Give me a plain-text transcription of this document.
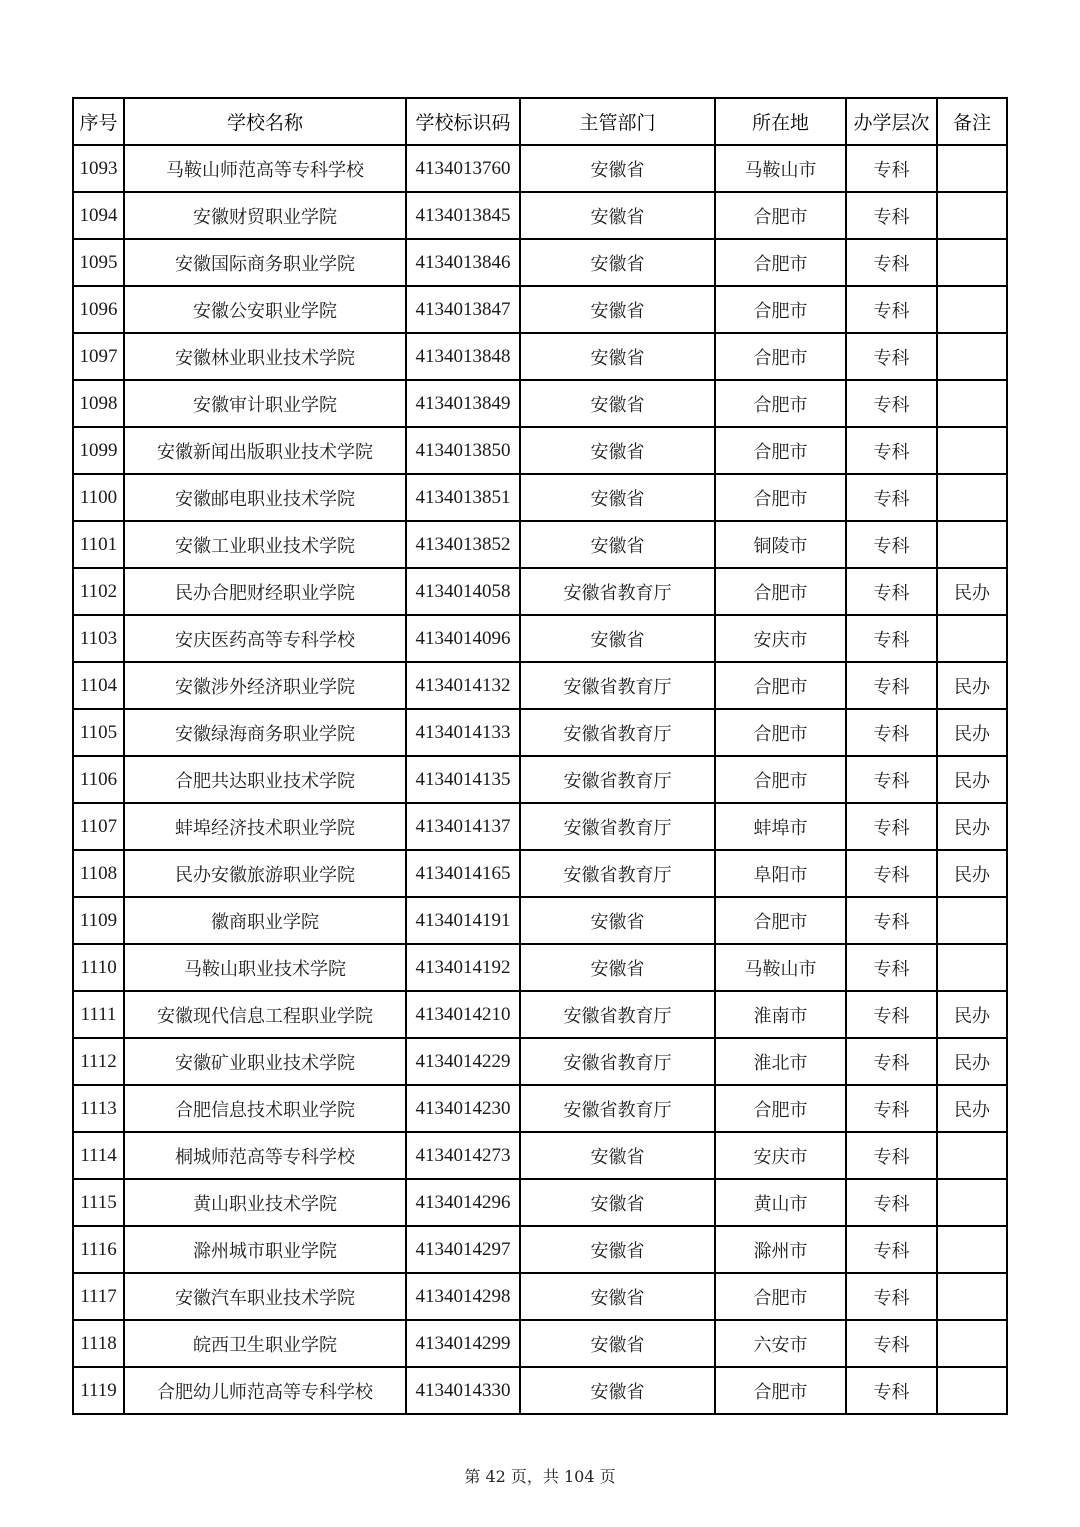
序号	学校名称	学校标识码	主管部门	所在地	办学层次	备注
1093	马鞍山师范高等专科学校	4134013760	安徽省	马鞍山市	专科	
1094	安徽财贸职业学院	4134013845	安徽省	合肥市	专科	
1095	安徽国际商务职业学院	4134013846	安徽省	合肥市	专科	
1096	安徽公安职业学院	4134013847	安徽省	合肥市	专科	
1097	安徽林业职业技术学院	4134013848	安徽省	合肥市	专科	
1098	安徽审计职业学院	4134013849	安徽省	合肥市	专科	
1099	安徽新闻出版职业技术学院	4134013850	安徽省	合肥市	专科	
1100	安徽邮电职业技术学院	4134013851	安徽省	合肥市	专科	
1101	安徽工业职业技术学院	4134013852	安徽省	铜陵市	专科	
1102	民办合肥财经职业学院	4134014058	安徽省教育厅	合肥市	专科	民办
1103	安庆医药高等专科学校	4134014096	安徽省	安庆市	专科	
1104	安徽涉外经济职业学院	4134014132	安徽省教育厅	合肥市	专科	民办
1105	安徽绿海商务职业学院	4134014133	安徽省教育厅	合肥市	专科	民办
1106	合肥共达职业技术学院	4134014135	安徽省教育厅	合肥市	专科	民办
1107	蚌埠经济技术职业学院	4134014137	安徽省教育厅	蚌埠市	专科	民办
1108	民办安徽旅游职业学院	4134014165	安徽省教育厅	阜阳市	专科	民办
1109	徽商职业学院	4134014191	安徽省	合肥市	专科	
1110	马鞍山职业技术学院	4134014192	安徽省	马鞍山市	专科	
1111	安徽现代信息工程职业学院	4134014210	安徽省教育厅	淮南市	专科	民办
1112	安徽矿业职业技术学院	4134014229	安徽省教育厅	淮北市	专科	民办
1113	合肥信息技术职业学院	4134014230	安徽省教育厅	合肥市	专科	民办
1114	桐城师范高等专科学校	4134014273	安徽省	安庆市	专科	
1115	黄山职业技术学院	4134014296	安徽省	黄山市	专科	
1116	滁州城市职业学院	4134014297	安徽省	滁州市	专科	
1117	安徽汽车职业技术学院	4134014298	安徽省	合肥市	专科	
1118	皖西卫生职业学院	4134014299	安徽省	六安市	专科	
1119	合肥幼儿师范高等专科学校	4134014330	安徽省	合肥市	专科	
第 42 页，共 104 页
